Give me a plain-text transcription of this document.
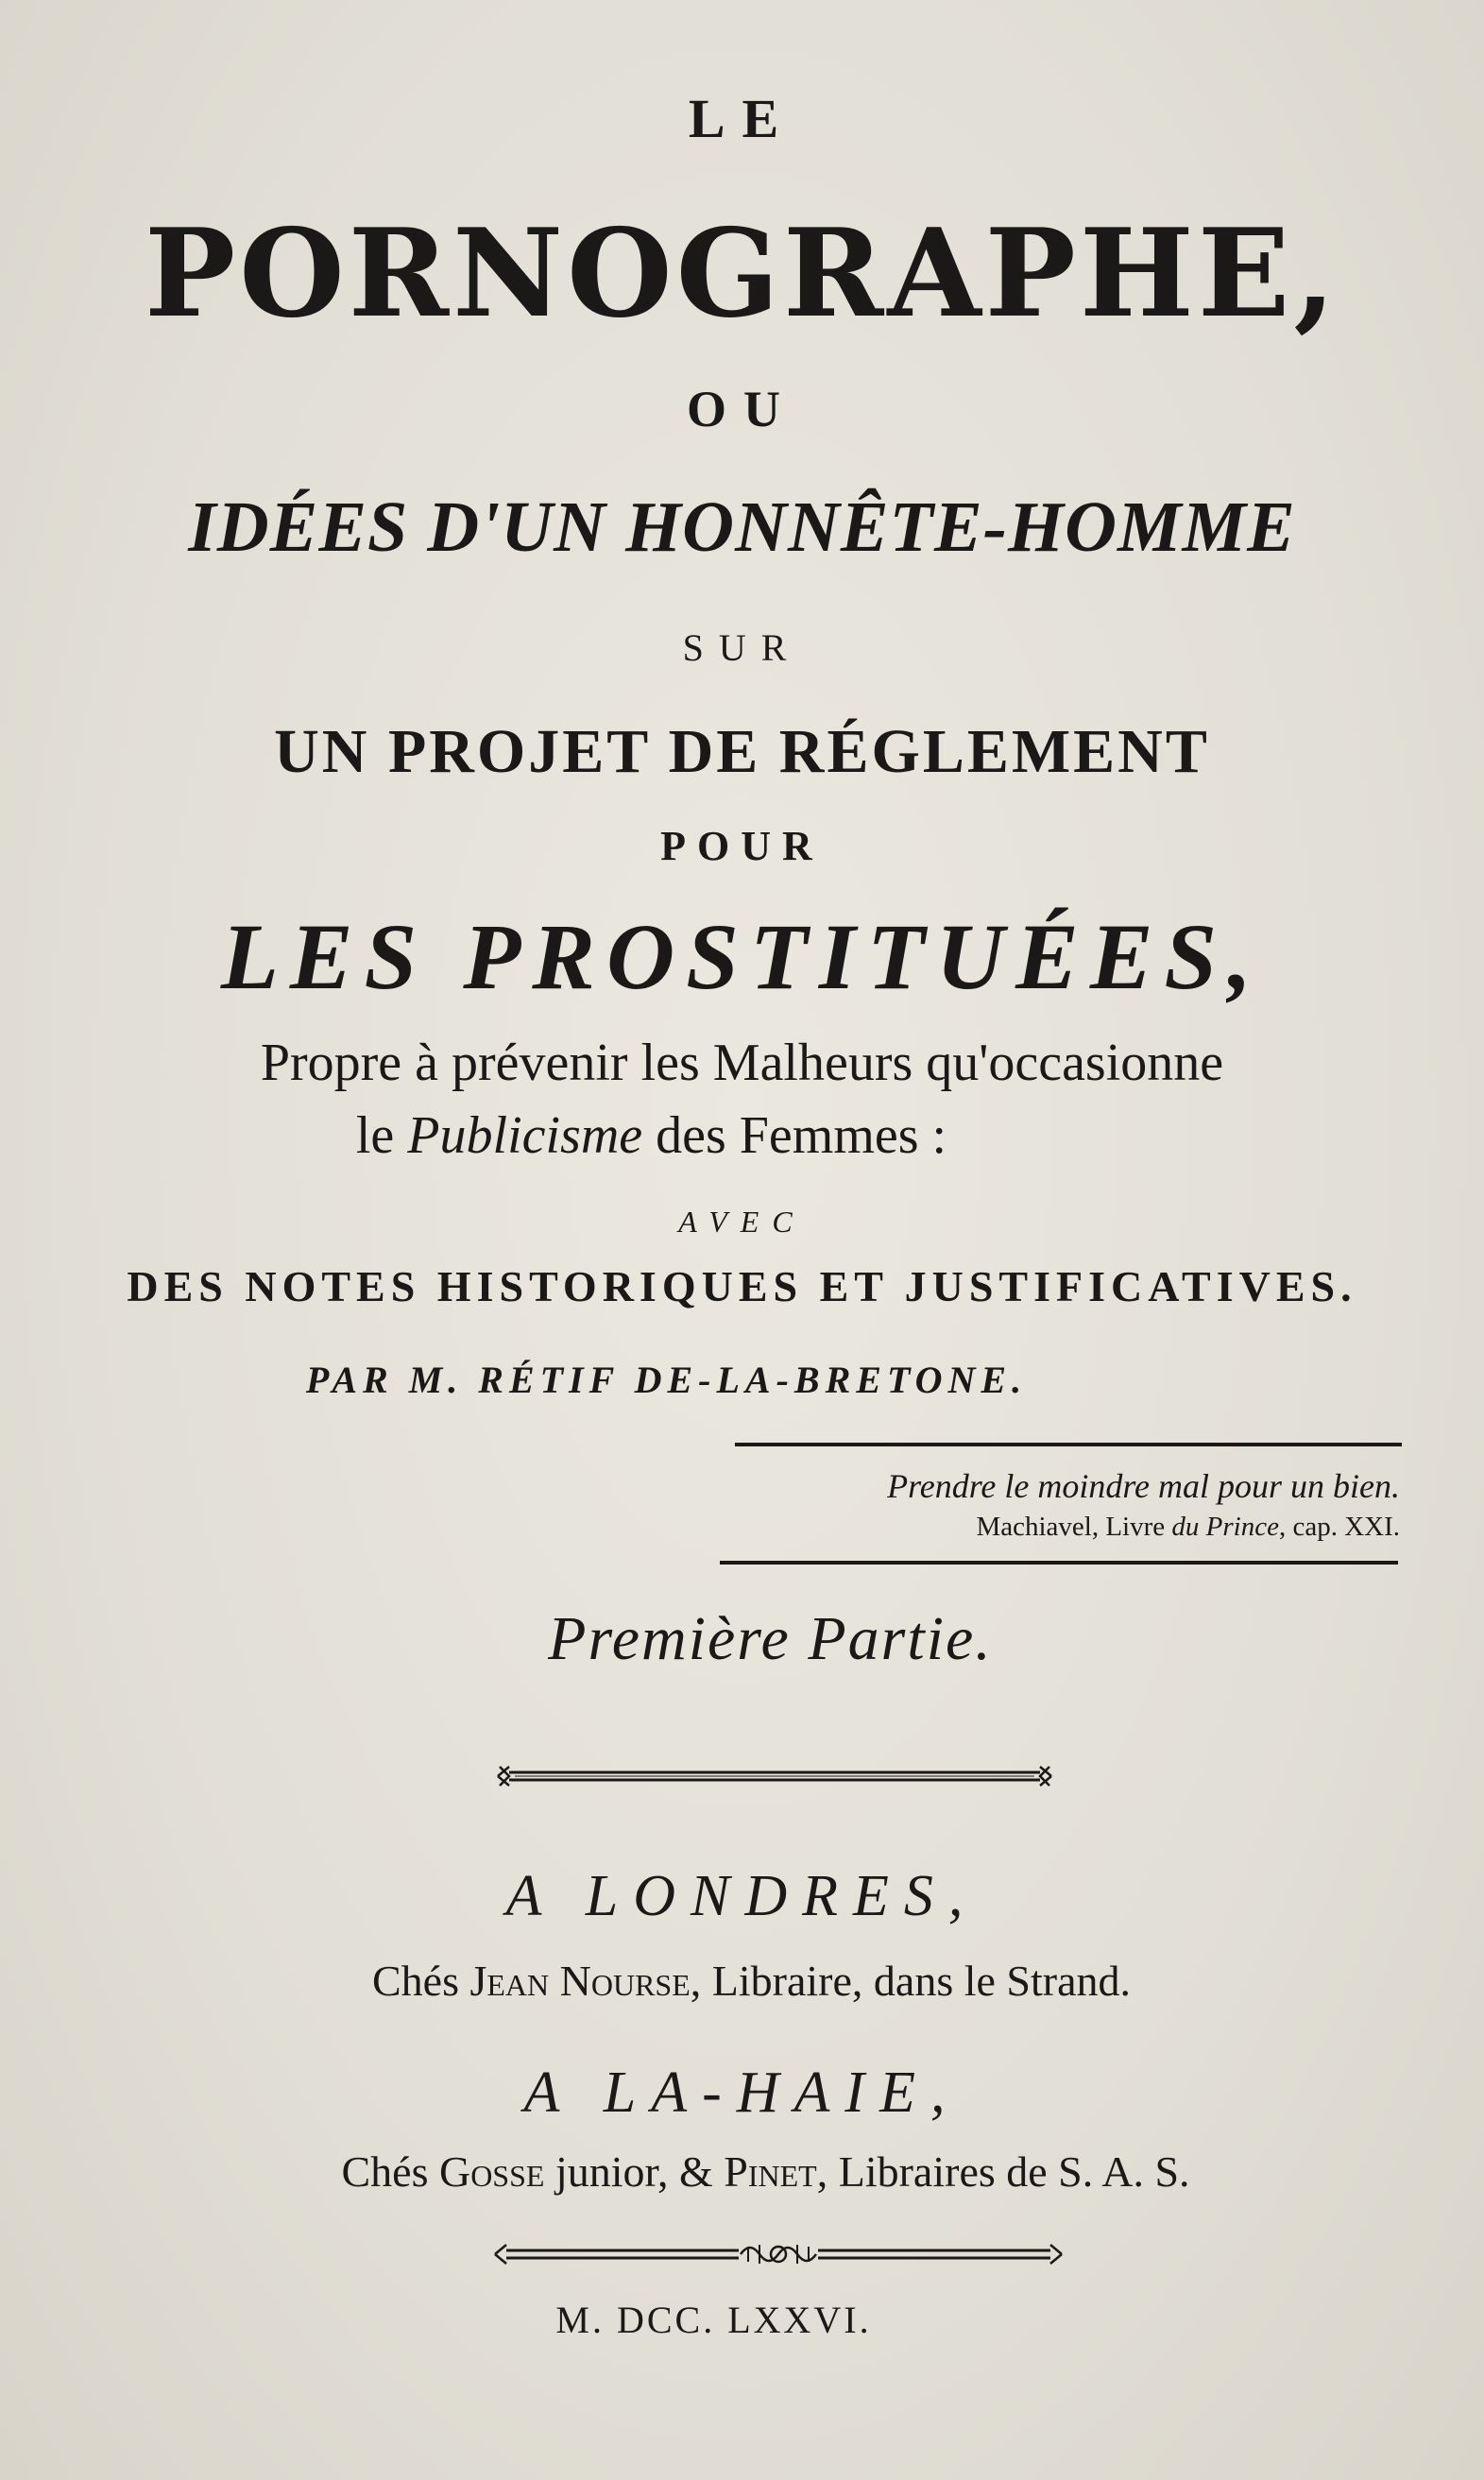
LE
PORNOGRAPHE,
OU
IDÉES D'UN HONNÊTE-HOMME
SUR
UN PROJET DE RÉGLEMENT
POUR
LES PROSTITUÉES,
Propre à prévenir les Malheurs qu'occasionne
le Publicisme des Femmes :
AVEC
DES NOTES HISTORIQUES ET JUSTIFICATIVES.
PAR M. RÉTIF DE-LA-BRETONE.
Prendre le moindre mal pour un bien.
Machiavel, Livre du Prince, cap. XXI.
Première Partie.
A LONDRES,
Chés Jean Nourse, Libraire, dans le Strand.
A LA-HAIE,
Chés Gosse junior, & Pinet, Libraires de S. A. S.
M. DCC. LXXVI.
